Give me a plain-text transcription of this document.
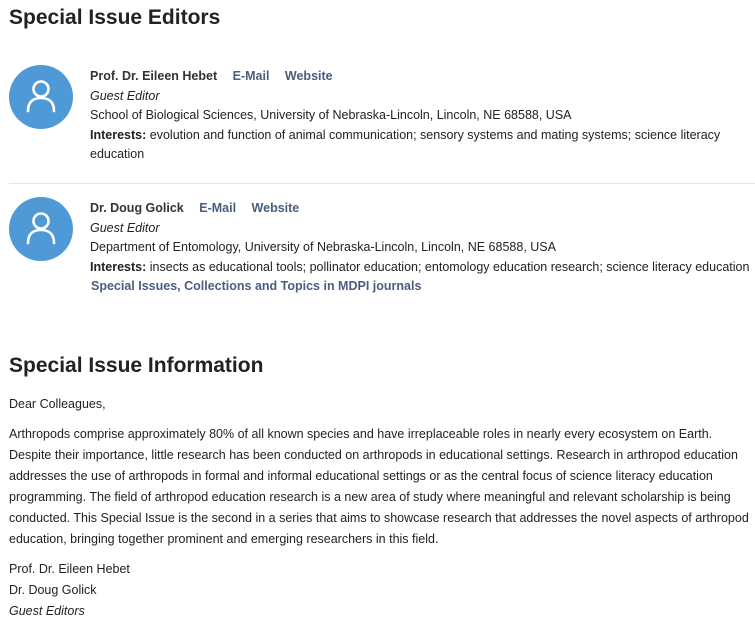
Special Issue Editors
Prof. Dr. Eileen Hebet E-Mail Website
Guest Editor
School of Biological Sciences, University of Nebraska-Lincoln, Lincoln, NE 68588, USA
Interests: evolution and function of animal communication; sensory systems and mating systems; science literacy education
Dr. Doug Golick E-Mail Website
Guest Editor
Department of Entomology, University of Nebraska-Lincoln, Lincoln, NE 68588, USA
Interests: insects as educational tools; pollinator education; entomology education research; science literacy education
Special Issues, Collections and Topics in MDPI journals
Special Issue Information

Dear Colleagues,

Arthropods comprise approximately 80% of all known species and have irreplaceable roles in nearly every ecosystem on Earth. Despite their importance, little research has been conducted on arthropods in educational settings. Research in arthropod education addresses the use of arthropods in formal and informal educational settings or as the central focus of science literacy education programming. The field of arthropod education research is a new area of study where meaningful and relevant scholarship is being conducted. This Special Issue is the second in a series that aims to showcase research that addresses the novel aspects of arthropod education, bringing together prominent and emerging researchers in this field.

Prof. Dr. Eileen Hebet

Dr. Doug Golick

Guest Editors
